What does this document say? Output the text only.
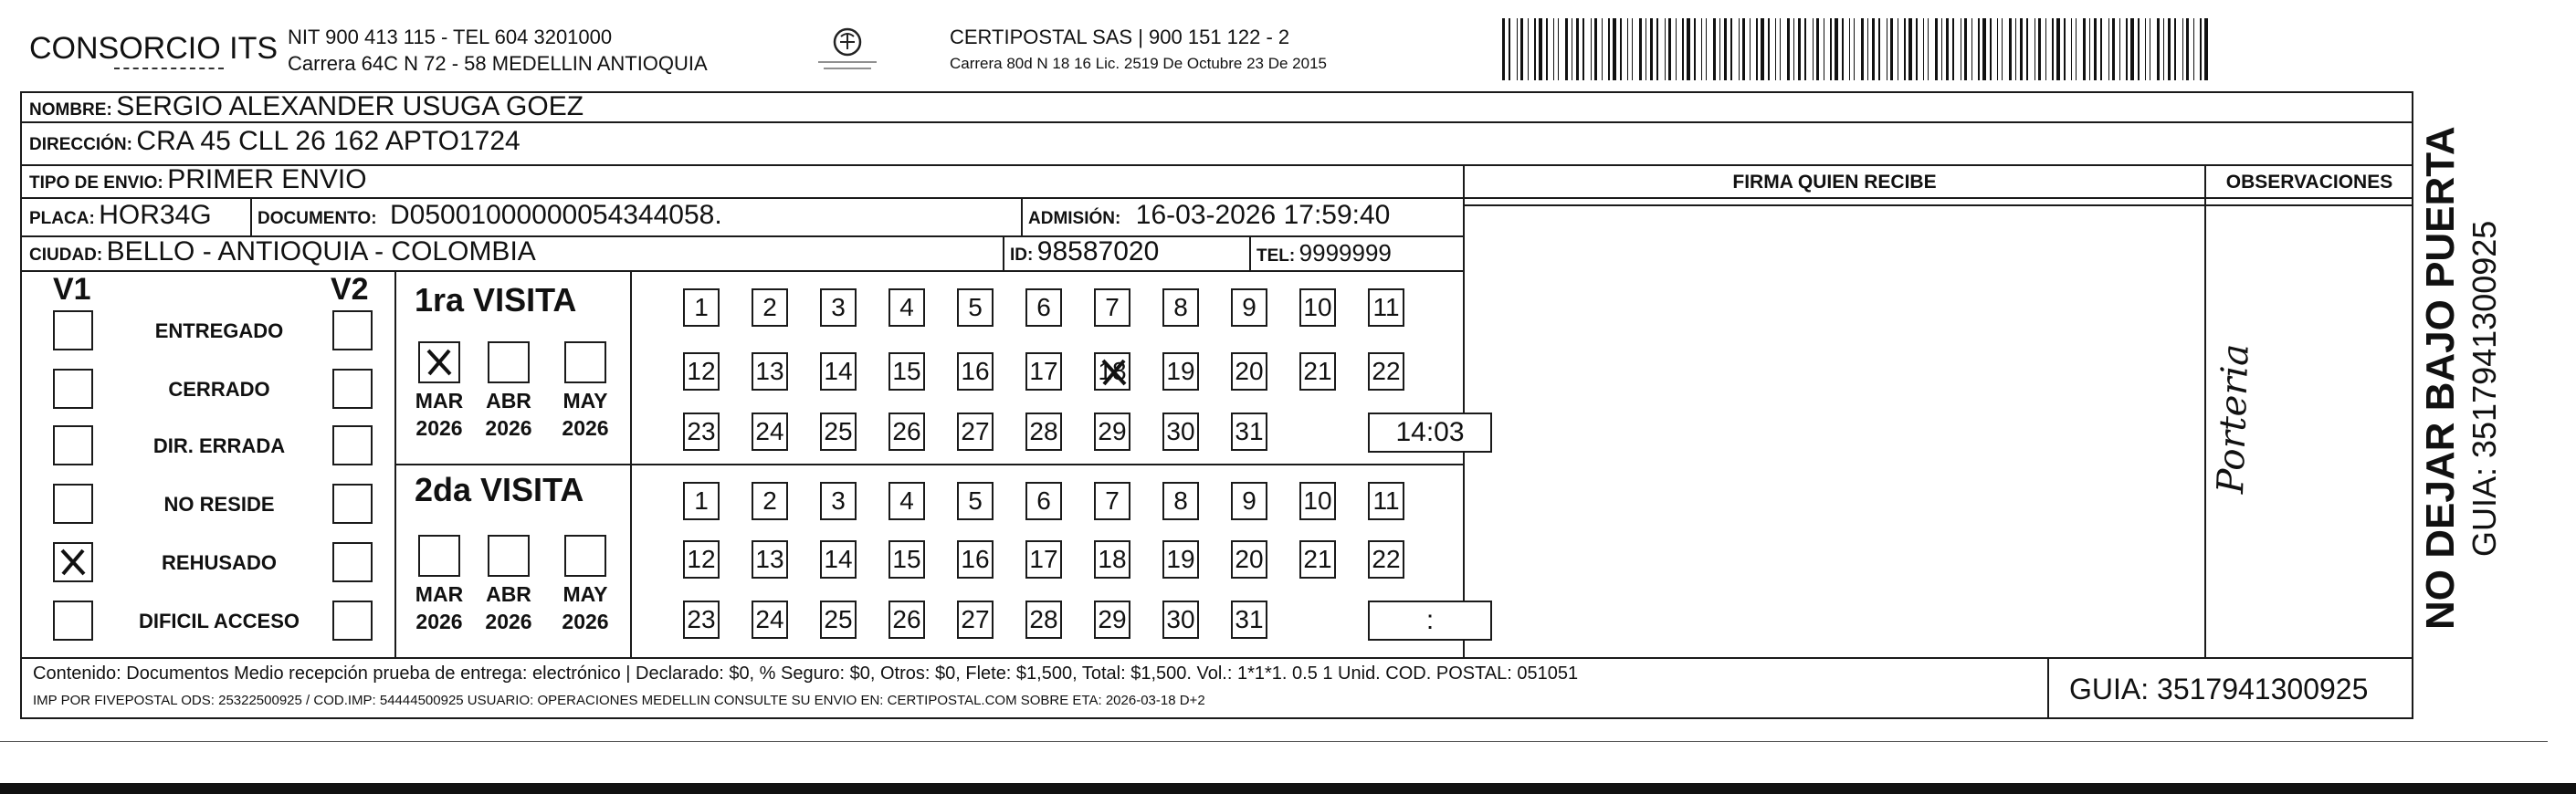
CONSORCIO ITS NIT 900 413 115 - TEL 604 3201000
Carrera 64C N 72 - 58 MEDELLIN ANTIOQUIA
CERTIPOSTAL SAS | 900 151 122 - 2
Carrera 80d N 18 16 Lic. 2519 De Octubre 23 De 2015
NOMBRE: SERGIO ALEXANDER USUGA GOEZ
DIRECCIÓN: CRA 45 CLL 26 162 APTO1724
TIPO DE ENVIO: PRIMER ENVIO	FIRMA QUIEN RECIBE	OBSERVACIONES
PLACA: HOR34G	DOCUMENTO: D05001000000054344058.	ADMISIÓN: 16-03-2026 17:59:40
CIUDAD: BELLO - ANTIOQUIA - COLOMBIA	ID: 98587020	TEL: 9999999
V1	V2
ENTREGADO
CERRADO
DIR. ERRADA
NO RESIDE
REHUSADO
DIFICIL ACCESO
1ra VISITA
MAR
2026
ABR
2026
MAY
2026
1	2	3	4	5	6	7	8	9	10 11
12 13 14 15 16 17 18 19 20 21 22
23 24 25 26 27 28 29 30 31	14:03
2da VISITA
MAR
2026
ABR
2026
MAY
2026
1	2	3	4	5	6	7	8	9	10 11
12 13 14 15 16 17 18 19 20 21 22
23 24 25 26 27 28 29 30 31	:
Porteria
Contenido: Documentos Medio recepción prueba de entrega: electrónico | Declarado: $0, % Seguro: $0, Otros: $0, Flete: $1,500, Total: $1,500. Vol.: 1*1*1. 0.5 1 Unid. COD. POSTAL: 051051
IMP POR FIVEPOSTAL ODS: 25322500925 / COD.IMP: 54444500925 USUARIO: OPERACIONES MEDELLIN CONSULTE SU ENVIO EN: CERTIPOSTAL.COM SOBRE ETA: 2026-03-18 D+2	GUIA: 3517941300925
NO DEJAR BAJO PUERTA GUIA: 3517941300925
